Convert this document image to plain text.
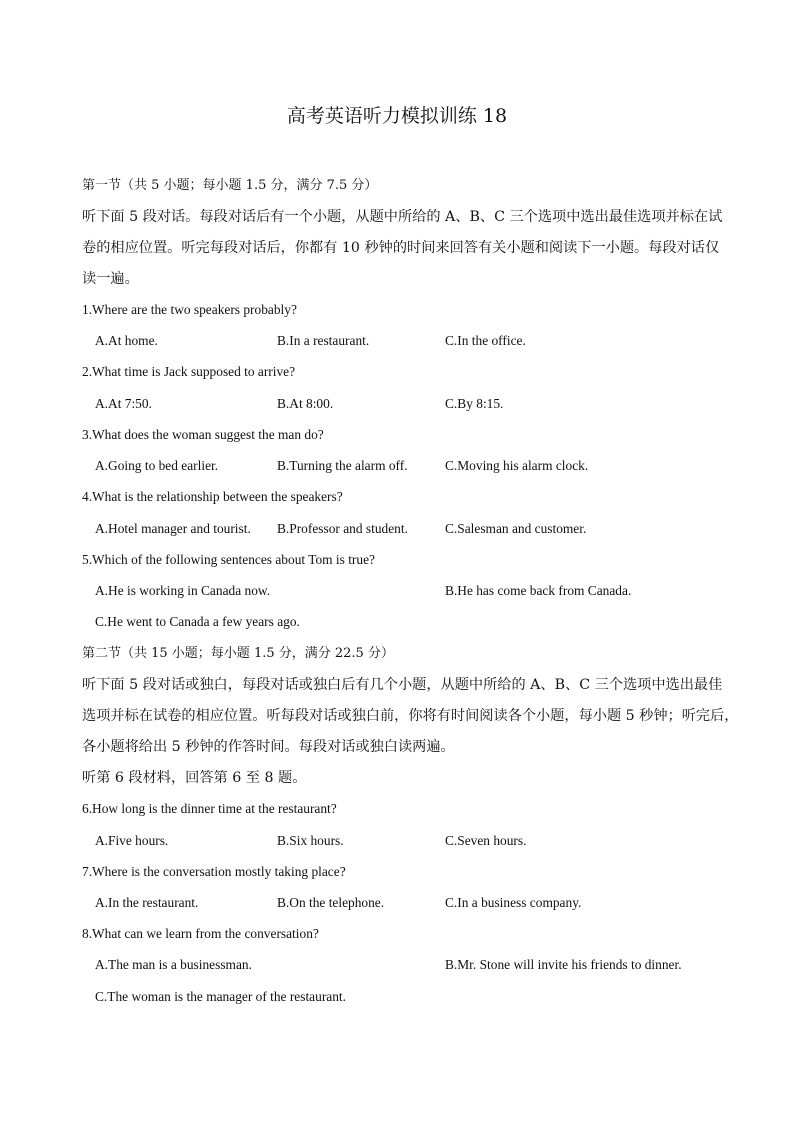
高考英语听力模拟训练 18
第一节（共 5 小题；每小题 1.5 分，满分 7.5 分）
听下面 5 段对话。每段对话后有一个小题，从题中所给的 A、B、C 三个选项中选出最佳选项并标在试
卷的相应位置。听完每段对话后，你都有 10 秒钟的时间来回答有关小题和阅读下一小题。每段对话仅
读一遍。
1.Where are the two speakers probably?
A.At home.	B.In a restaurant.	C.In the office.
2.What time is Jack supposed to arrive?
A.At 7:50.	B.At 8:00.	C.By 8:15.
3.What does the woman suggest the man do?
A.Going to bed earlier.	B.Turning the alarm off.	C.Moving his alarm clock.
4.What is the relationship between the speakers?
A.Hotel manager and tourist. B.Professor and student.	C.Salesman and customer.
5.Which of the following sentences about Tom is true?
A.He is working in Canada now.	B.He has come back from Canada.
C.He went to Canada a few years ago.
第二节（共 15 小题；每小题 1.5 分，满分 22.5 分）
听下面 5 段对话或独白，每段对话或独白后有几个小题，从题中所给的 A、B、C 三个选项中选出最佳
选项并标在试卷的相应位置。听每段对话或独白前，你将有时间阅读各个小题，每小题 5 秒钟；听完后，
各小题将给出 5 秒钟的作答时间。每段对话或独白读两遍。
听第 6 段材料，回答第 6 至 8 题。
6.How long is the dinner time at the restaurant?
A.Five hours.	B.Six hours.	C.Seven hours.
7.Where is the conversation mostly taking place?
A.In the restaurant.	B.On the telephone.	C.In a business company.
8.What can we learn from the conversation?
A.The man is a businessman.	B.Mr. Stone will invite his friends to dinner.
C.The woman is the manager of the restaurant.
